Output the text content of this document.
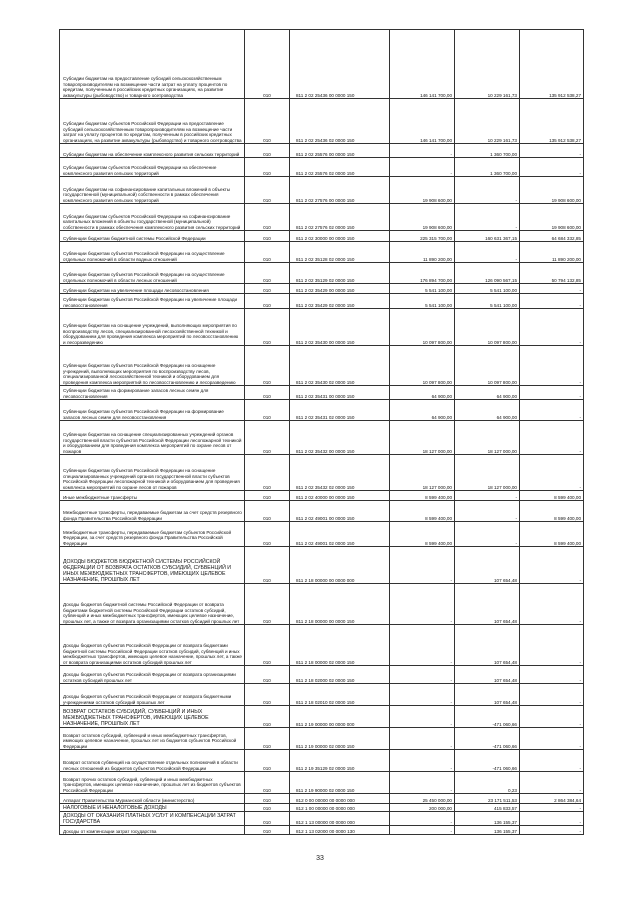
Субсидии бюджетам на предоставление субсидий сельскохозяйственным товаропроизводителям на возмещение части затрат на уплату процентов по кредитам, полученным в российских кредитных организациях, на развитие аквакультуры (рыбоводство) и товарного осетроводства	010	811 2 02 25436 00 0000 150	146 141 700,00	10 229 161,73	135 912 538,27
Субсидии бюджетам субъектов Российской Федерации на предоставление субсидий сельскохозяйственным товаропроизводителям на возмещение части затрат на уплату процентов по кредитам, полученным в российских кредитных организациях, на развитие аквакультуры (рыбоводство) и товарного осетроводства	010	811 2 02 25436 02 0000 150	146 141 700,00	10 229 161,73	135 912 538,27
Субсидии бюджетам на обеспечение комплексного развития сельских территорий	010	811 2 02 25576 00 0000 150	-	1 360 700,00	-
Субсидии бюджетам субъектов Российской Федерации на обеспечение комплексного развития сельских территорий	010	811 2 02 25576 02 0000 150	-	1 360 700,00	-
Субсидии бюджетам на софинансирование капитальных вложений в объекты государственной (муниципальной) собственности в рамках обеспечения комплексного развития сельских территорий	010	811 2 02 27576 00 0000 150	19 908 600,00	-	19 908 600,00
Субсидии бюджетам субъектов Российской Федерации на софинансирование капитальных вложений в объекты государственной (муниципальной) собственности в рамках обеспечения комплексного развития сельских территорий	010	811 2 02 27576 02 0000 150	19 908 600,00	-	19 908 600,00
Субвенции бюджетам бюджетной системы Российской Федерации	010	811 2 02 30000 00 0000 150	225 315 700,00	160 631 367,15	64 684 332,85
Субвенции бюджетам субъектов Российской Федерации на осуществление отдельных полномочий в области водных отношений	010	811 2 02 35128 02 0000 150	11 890 200,00	-	11 890 200,00
Субвенции бюджетам субъектов Российской Федерации на осуществление отдельных полномочий в области лесных отношений	010	811 2 02 35129 02 0000 150	176 894 700,00	126 090 567,15	50 794 132,85
Субвенции бюджетам на увеличение площади лесовосстановления	010	811 2 02 35429 00 0000 150	5 541 100,00	5 541 100,00	-
Субвенции бюджетам субъектов Российской Федерации на увеличение площади лесовосстановления	010	811 2 02 35429 02 0000 150	5 541 100,00	5 541 100,00	-
Субвенции бюджетам на оснащение учреждений, выполняющих мероприятия по воспроизводству лесов, специализированной лесохозяйственной техникой и оборудованием для проведения комплекса мероприятий по лесовосстановлению и лесоразведению	010	811 2 02 35430 00 0000 150	10 097 800,00	10 097 800,00	-
Субвенции бюджетам субъектов Российской Федерации на оснащение учреждений, выполняющих мероприятия по воспроизводству лесов, специализированной лесохозяйственной техникой и оборудованием для проведения комплекса мероприятий по лесовосстановлению и лесоразведению	010	811 2 02 35430 02 0000 150	10 097 800,00	10 097 800,00	-
Субвенции бюджетам на формирование запасов лесных семян для лесовосстановления	010	811 2 02 35431 00 0000 150	64 900,00	64 900,00	-
Субвенции бюджетам субъектов Российской Федерации на формирование запасов лесных семян для лесовосстановления	010	811 2 02 35431 02 0000 150	64 900,00	64 900,00	-
Субвенции бюджетам на оснащение специализированных учреждений органов государственной власти субъектов Российской Федерации лесопожарной техникой и оборудованием для проведения комплекса мероприятий по охране лесов от пожаров	010	811 2 02 35432 00 0000 150	18 127 000,00	18 127 000,00	-
Субвенции бюджетам субъектов Российской Федерации на оснащение специализированных учреждений органов государственной власти субъектов Российской Федерации лесопожарной техникой и оборудованием для проведения комплекса мероприятий по охране лесов от пожаров	010	811 2 02 35432 02 0000 150	18 127 000,00	18 127 000,00	-
Иные межбюджетные трансферты	010	811 2 02 40000 00 0000 150	8 599 400,00	-	8 599 400,00
Межбюджетные трансферты, передаваемые бюджетам за счет средств резервного фонда Правительства Российской Федерации	010	811 2 02 49001 00 0000 150	8 599 400,00	-	8 599 400,00
Межбюджетные трансферты, передаваемые бюджетам субъектов Российской Федерации, за счет средств резервного фонда Правительства Российской Федерации	010	811 2 02 49001 02 0000 150	8 599 400,00	-	8 599 400,00
ДОХОДЫ БЮДЖЕТОВ БЮДЖЕТНОЙ СИСТЕМЫ РОССИЙСКОЙ ФЕДЕРАЦИИ ОТ ВОЗВРАТА ОСТАТКОВ СУБСИДИЙ, СУБВЕНЦИЙ И ИНЫХ МЕЖБЮДЖЕТНЫХ ТРАНСФЕРТОВ, ИМЕЮЩИХ ЦЕЛЕВОЕ НАЗНАЧЕНИЕ, ПРОШЛЫХ ЛЕТ	010	811 2 18 00000 00 0000 000	-	107 654,48	-
Доходы бюджетов бюджетной системы Российской Федерации от возврата бюджетами бюджетной системы Российской Федерации остатков субсидий, субвенций и иных межбюджетных трансфертов, имеющих целевое назначение, прошлых лет, а также от возврата организациями остатков субсидий прошлых лет	010	811 2 18 00000 00 0000 150	-	107 654,48	-
Доходы бюджетов субъектов Российской Федерации от возврата бюджетами бюджетной системы Российской Федерации остатков субсидий, субвенций и иных межбюджетных трансфертов, имеющих целевое назначение, прошлых лет, а также от возврата организациями остатков субсидий прошлых лет	010	811 2 18 00000 02 0000 150	-	107 654,48	-
Доходы бюджетов субъектов Российской Федерации от возврата организациями остатков субсидий прошлых лет	010	811 2 18 02000 02 0000 150	-	107 654,48	-
Доходы бюджетов субъектов Российской Федерации от возврата бюджетными учреждениями остатков субсидий прошлых лет	010	811 2 18 02010 02 0000 150	-	107 654,48	-
ВОЗВРАТ ОСТАТКОВ СУБСИДИЙ, СУБВЕНЦИЙ И ИНЫХ МЕЖБЮДЖЕТНЫХ ТРАНСФЕРТОВ, ИМЕЮЩИХ ЦЕЛЕВОЕ НАЗНАЧЕНИЕ, ПРОШЛЫХ ЛЕТ	010	811 2 19 00000 00 0000 000	-	-471 060,66	-
Возврат остатков субсидий, субвенций и иных межбюджетных трансфертов, имеющих целевое назначение, прошлых лет из бюджетов субъектов Российской Федерации	010	811 2 19 00000 02 0000 150	-	-471 060,66	-
Возврат остатков субвенций на осуществление отдельных полномочий в области лесных отношений из бюджетов субъектов Российской Федерации	010	811 2 19 35129 02 0000 150	-	-471 060,66	-
Возврат прочих остатков субсидий, субвенций и иных межбюджетных трансфертов, имеющих целевое назначение, прошлых лет из бюджетов субъектов Российской Федерации	010	811 2 19 90000 02 0000 150	-	0,23	-
Аппарат Правительства Мурманской области (министерство)	010	812 0 00 00000 00 0000 000	25 450 000,00	23 171 511,53	2 864 384,64
НАЛОГОВЫЕ И НЕНАЛОГОВЫЕ ДОХОДЫ	010	812 1 00 00000 00 0000 000	200 000,00	415 833,57	-
ДОХОДЫ ОТ ОКАЗАНИЯ ПЛАТНЫХ УСЛУГ И КОМПЕНСАЦИИ ЗАТРАТ ГОСУДАРСТВА	010	812 1 13 00000 00 0000 000	-	136 155,37	-
Доходы от компенсации затрат государства	010	812 1 13 02000 00 0000 130	-	136 155,37	-
33
